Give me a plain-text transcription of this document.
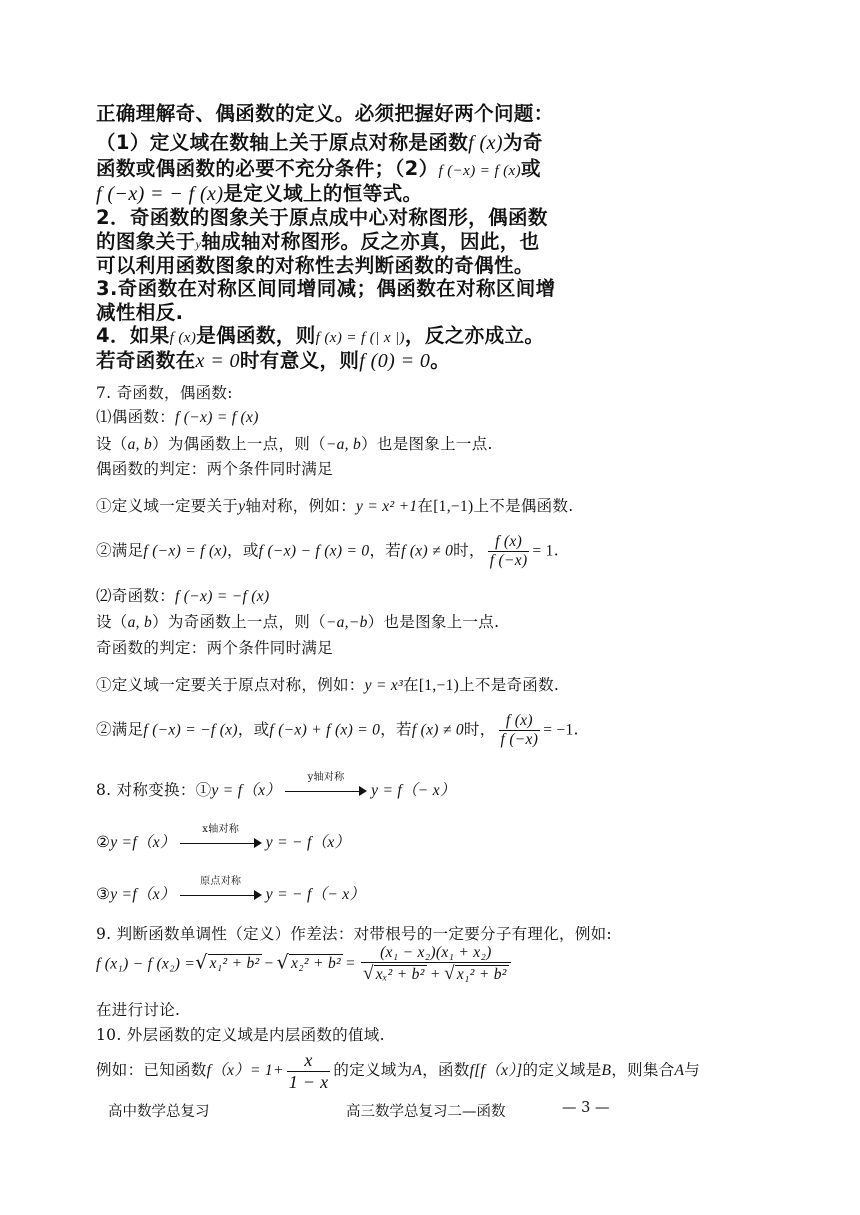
正确理解奇、偶函数的定义。必须把握好两个问题：
（1）定义域在数轴上关于原点对称是函数f (x)为奇
函数或偶函数的必要不充分条件；（2）f (−x) = f (x)或
f (−x) = − f (x)是定义域上的恒等式。
2．奇函数的图象关于原点成中心对称图形，偶函数
的图象关于y轴成轴对称图形。反之亦真，因此，也
可以利用函数图象的对称性去判断函数的奇偶性。
3.奇函数在对称区间同增同减；偶函数在对称区间增
减性相反.
4．如果f (x)是偶函数，则f (x) = f (| x |)，反之亦成立。
若奇函数在x = 0时有意义，则f (0) = 0。
7. 奇函数，偶函数:
⑴偶函数：f (−x) = f (x)
设（a, b）为偶函数上一点，则（−a, b）也是图象上一点.
偶函数的判定：两个条件同时满足
①定义域一定要关于y轴对称，例如：y = x² +1在[1,−1)上不是偶函数.
②满足f (−x) = f (x)，或f (−x) − f (x) = 0，若f (x) ≠ 0时， $\frac{f (x)}{f (-x)} = 1$.
⑵奇函数：f (−x) = −f (x)
设（a, b）为奇函数上一点，则（−a,−b）也是图象上一点.
奇函数的判定：两个条件同时满足
①定义域一定要关于原点对称，例如：y = x³在[1,−1)上不是奇函数.
②满足f (−x) = −f (x)，或f (−x) + f (x) = 0，若f (x) ≠ 0时， $\frac{f (x)}{f (-x)} = -1$.
8. 对称变换：①y = f（x）
y轴对称
y = f（− x）
②y =f（x）
x轴对称
y = − f（x）
③y =f（x）
原点对称
y = − f（− x）
9. 判断函数单调性（定义）作差法：对带根号的一定要分子有理化，例如:
f (x₁) − f (x₂) =√ x₁² + b² − √ $x_2^2 + b^2 = \frac{\text{(x₁ − x₂)(x₁ + x₂)}}{\text{√ xₓ² + b² + √ x₁² + b²}}$
在进行讨论.
10. 外层函数的定义域是内层函数的值域.
例如：已知函数$f(x)= 1+ \frac{x}{1 - x}$ 的定义域为A，函数f[f（x）]的定义域是B，则集合A与
高中数学总复习	高三数学总复习二—函数	— 3 —
